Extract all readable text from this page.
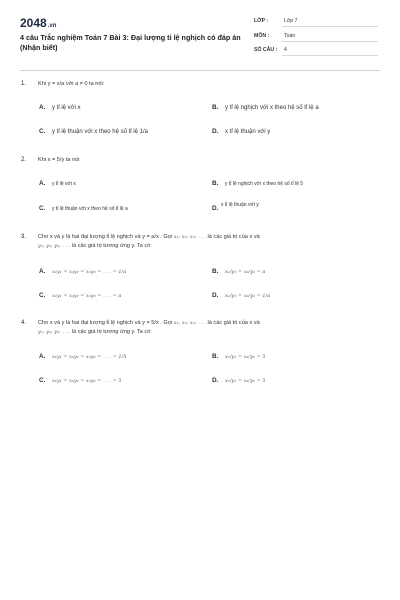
2048.vn
4 câu Trắc nghiệm Toán 7 Bài 3: Đại lượng tỉ lệ nghịch có đáp án (Nhận biết)
LỚP :	Lớp 7
MÔN :	Toán
SỐ CÂU : 4
1. Khi y = x/a với a ≠ 0 ta nói:
A. y tỉ lệ với x	B. y tỉ lệ nghịch với x theo hệ số tỉ lệ a
C. y tỉ lệ thuận với x theo hệ số tỉ lệ 1/a	D. x tỉ lệ thuận với y
2. Khi x = 5/y ta nói
A. y tỉ lệ với x	B. y tỉ lệ nghịch với x theo hệ số tỉ lệ 5
C. y tỉ lệ thuận với x theo hệ số tỉ lệ a	D. x tỉ lệ thuận với y
3. Cho x và y là hai đại lượng tỉ lệ nghịch và y = a/x . Gọi x₁; x₂; x₃; . . . là các giá trị của x và
y₁; y₂; y₃; . . . là các giá trị tương ứng y. Ta có:
A. x₁y₁ = x₂y₂ = x₃y₃ = . . . = 1/a	B. x₁/y₁ = x₂/y₂ = a
C. x₁y₁ = x₂y₂ = x₃y₃ = . . . = a	D. x₁/y₁ = x₂/y₂ = 1/a
4. Cho x và y là hai đại lượng tỉ lệ nghịch và y = 5/x . Gọi x₁; x₂; x₃; . . . là các giá trị của x và
y₁; y₂; y₃; . . . là các giá trị tương ứng y. Ta có:
A. x₁y₁ = x₂y₂ = x₃y₃ = . . . = 1/5	B. x₁/y₁ = x₂/y₂ = 5
C. x₁y₁ = x₂y₂ = x₃y₃ = . . . = 5	D. x₁/y₁ = x₂/y₂ = 5
